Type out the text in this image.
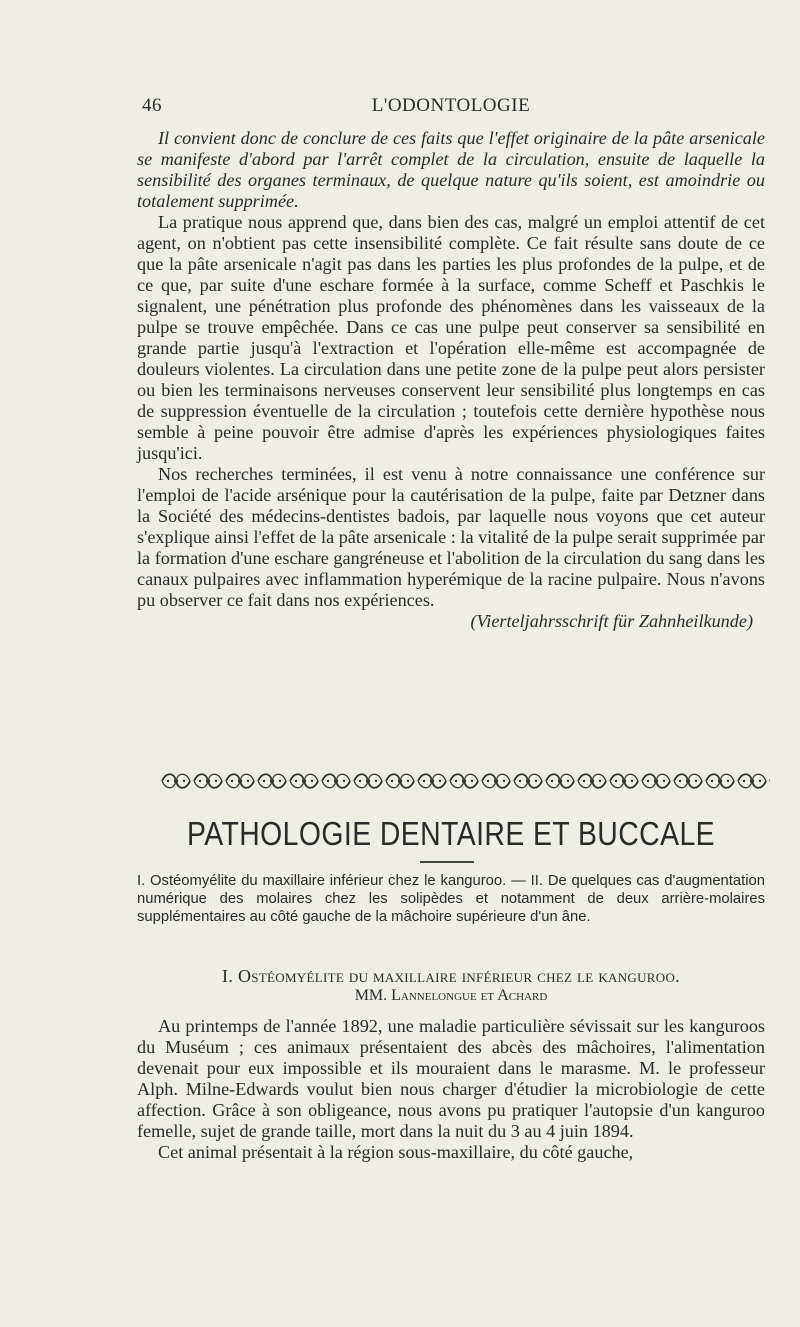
46	L'ODONTOLOGIE

Il convient donc de conclure de ces faits que l'effet originaire de la pâte arsenicale se manifeste d'abord par l'arrêt complet de la circulation, ensuite de laquelle la sensibilité des organes terminaux, de quelque nature qu'ils soient, est amoindrie ou totalement supprimée.

La pratique nous apprend que, dans bien des cas, malgré un emploi attentif de cet agent, on n'obtient pas cette insensibilité complète. Ce fait résulte sans doute de ce que la pâte arsenicale n'agit pas dans les parties les plus profondes de la pulpe, et de ce que, par suite d'une eschare formée à la surface, comme Scheff et Paschkis le signalent, une pénétration plus profonde des phénomènes dans les vaisseaux de la pulpe se trouve empêchée. Dans ce cas une pulpe peut conserver sa sensibilité en grande partie jusqu'à l'extraction et l'opération elle-même est accompagnée de douleurs violentes. La circulation dans une petite zone de la pulpe peut alors persister ou bien les terminaisons nerveuses conservent leur sensibilité plus longtemps en cas de suppression éventuelle de la circulation ; toutefois cette dernière hypothèse nous semble à peine pouvoir être admise d'après les expériences physiologiques faites jusqu'ici.

Nos recherches terminées, il est venu à notre connaissance une conférence sur l'emploi de l'acide arsénique pour la cautérisation de la pulpe, faite par Detzner dans la Société des médecins-dentistes badois, par laquelle nous voyons que cet auteur s'explique ainsi l'effet de la pâte arsenicale : la vitalité de la pulpe serait supprimée par la formation d'une eschare gangréneuse et l'abolition de la circulation du sang dans les canaux pulpaires avec inflammation hyperémique de la racine pulpaire. Nous n'avons pu observer ce fait dans nos expériences.

(Vierteljahrsschrift für Zahnheilkunde)

PATHOLOGIE DENTAIRE ET BUCCALE
I. Ostéomyélite du maxillaire inférieur chez le kanguroo. — II. De quelques cas d'augmentation numérique des molaires chez les solipèdes et notamment de deux arrière-molaires supplémentaires au côté gauche de la mâchoire supérieure d'un âne.
I. Ostéomyélite du maxillaire inférieur chez le kanguroo.
MM. Lannelongue et Achard

Au printemps de l'année 1892, une maladie particulière sévissait sur les kanguroos du Muséum ; ces animaux présentaient des abcès des mâchoires, l'alimentation devenait pour eux impossible et ils mouraient dans le marasme. M. le professeur Alph. Milne-Edwards voulut bien nous charger d'étudier la microbiologie de cette affection. Grâce à son obligeance, nous avons pu pratiquer l'autopsie d'un kanguroo femelle, sujet de grande taille, mort dans la nuit du 3 au 4 juin 1894.

Cet animal présentait à la région sous-maxillaire, du côté gauche,
